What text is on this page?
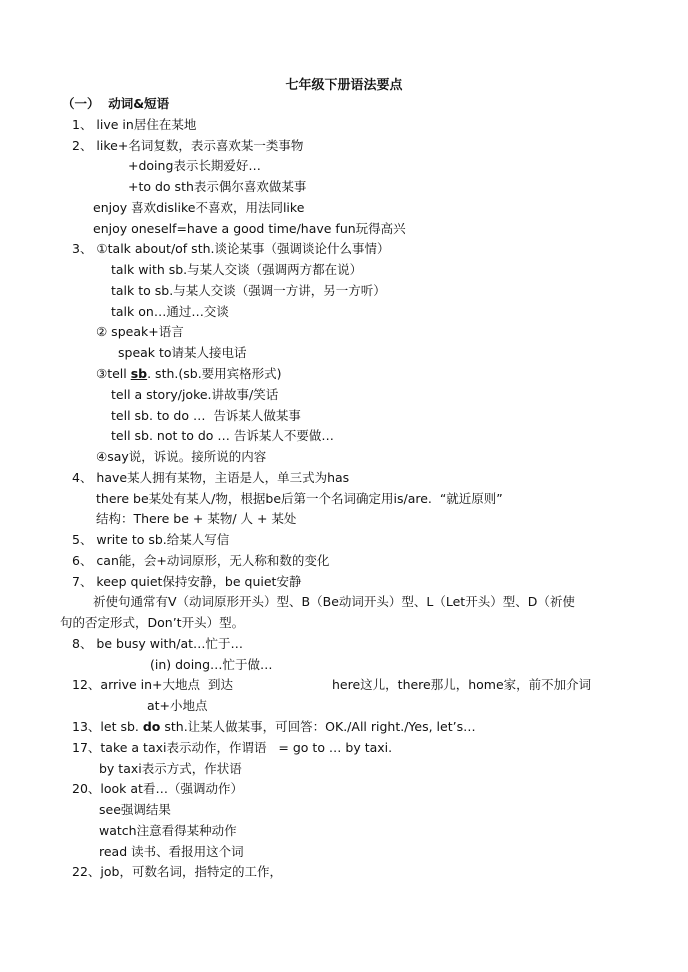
七年级下册语法要点
（一）  动词&短语
1、 live in居住在某地
2、 like+名词复数，表示喜欢某一类事物
+doing表示长期爱好…
+to do sth表示偶尔喜欢做某事
enjoy 喜欢dislike不喜欢，用法同like
enjoy oneself=have a good time/have fun玩得高兴
3、 ①talk about/of sth.谈论某事（强调谈论什么事情）
talk with sb.与某人交谈（强调两方都在说）
talk to sb.与某人交谈（强调一方讲，另一方听）
talk on…通过…交谈
② speak+语言
speak to请某人接电话
③tell sb. sth.(sb.要用宾格形式)
tell a story/joke.讲故事/笑话
tell sb. to do …  告诉某人做某事
tell sb. not to do … 告诉某人不要做…
④say说，诉说。接所说的内容
4、 have某人拥有某物，主语是人，单三式为has
there be某处有某人/物，根据be后第一个名词确定用is/are.  “就近原则”
结构：There be + 某物/ 人 + 某处
5、 write to sb.给某人写信
6、 can能，会+动词原形，无人称和数的变化
7、 keep quiet保持安静，be quiet安静
祈使句通常有V（动词原形开头）型、B（Be动词开头）型、L（Let开头）型、D（祈使
句的否定形式，Don’t开头）型。
8、 be busy with/at…忙于…
(in) doing…忙于做…
12、arrive in+大地点  到达	here这儿，there那儿，home家，前不加介词
at+小地点
13、let sb. do sth.让某人做某事，可回答：OK./All right./Yes, let’s…
17、take a taxi表示动作，作谓语   = go to … by taxi.
by taxi表示方式，作状语
20、look at看…（强调动作）
see强调结果
watch注意看得某种动作
read 读书、看报用这个词
22、job，可数名词，指特定的工作，
